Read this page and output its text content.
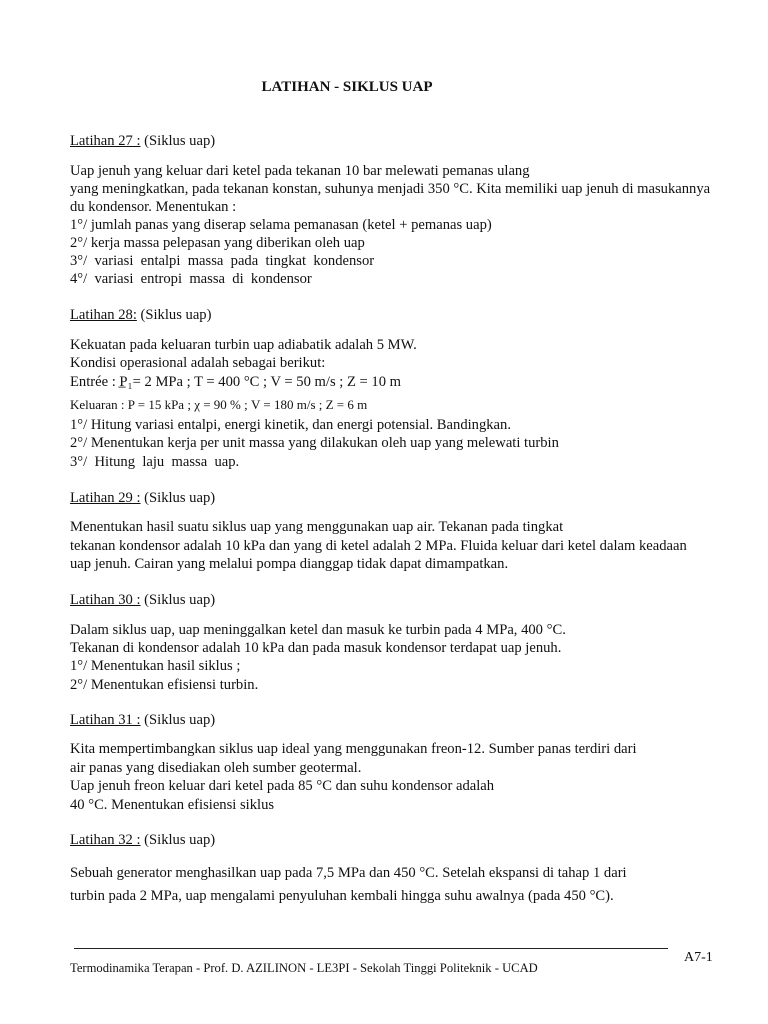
LATIHAN - SIKLUS UAP
Latihan 27 : (Siklus uap)
Uap jenuh yang keluar dari ketel pada tekanan 10 bar melewati pemanas ulang
yang meningkatkan, pada tekanan konstan, suhunya menjadi 350 °C. Kita memiliki uap jenuh di masukannya
du kondensor. Menentukan :
1°/ jumlah panas yang diserap selama pemanasan (ketel + pemanas uap)
2°/ kerja massa pelepasan yang diberikan oleh uap
3°/  variasi  entalpi  massa  pada  tingkat  kondensor
4°/  variasi  entropi  massa  di  kondensor
Latihan 28: (Siklus uap)
Kekuatan pada keluaran turbin uap adiabatik adalah 5 MW.
Kondisi operasional adalah sebagai berikut:
Entrée : P̲₁= 2 MPa ; T = 400 °C ; V = 50 m/s ; Z = 10 m
Keluaran : P = 15 kPa ; χ = 90 % ; V = 180 m/s ; Z = 6 m
1°/ Hitung variasi entalpi, energi kinetik, dan energi potensial. Bandingkan.
2°/ Menentukan kerja per unit massa yang dilakukan oleh uap yang melewati turbin
3°/  Hitung  laju  massa  uap.
Latihan 29 : (Siklus uap)
Menentukan hasil suatu siklus uap yang menggunakan uap air. Tekanan pada tingkat
tekanan kondensor adalah 10 kPa dan yang di ketel adalah 2 MPa. Fluida keluar dari ketel dalam keadaan
uap jenuh. Cairan yang melalui pompa dianggap tidak dapat dimampatkan.
Latihan 30 : (Siklus uap)
Dalam siklus uap, uap meninggalkan ketel dan masuk ke turbin pada 4 MPa, 400 °C.
Tekanan di kondensor adalah 10 kPa dan pada masuk kondensor terdapat uap jenuh.
1°/ Menentukan hasil siklus ;
2°/ Menentukan efisiensi turbin.
Latihan 31 : (Siklus uap)
Kita mempertimbangkan siklus uap ideal yang menggunakan freon-12. Sumber panas terdiri dari
air panas yang disediakan oleh sumber geotermal.
Uap jenuh freon keluar dari ketel pada 85 °C dan suhu kondensor adalah
40 °C. Menentukan efisiensi siklus
Latihan 32 : (Siklus uap)
Sebuah generator menghasilkan uap pada 7,5 MPa dan 450 °C. Setelah ekspansi di tahap 1 dari
turbin pada 2 MPa, uap mengalami penyuluhan kembali hingga suhu awalnya (pada 450 °C).
A7-1
Termodinamika Terapan - Prof. D. AZILINON - LE3PI - Sekolah Tinggi Politeknik - UCAD
